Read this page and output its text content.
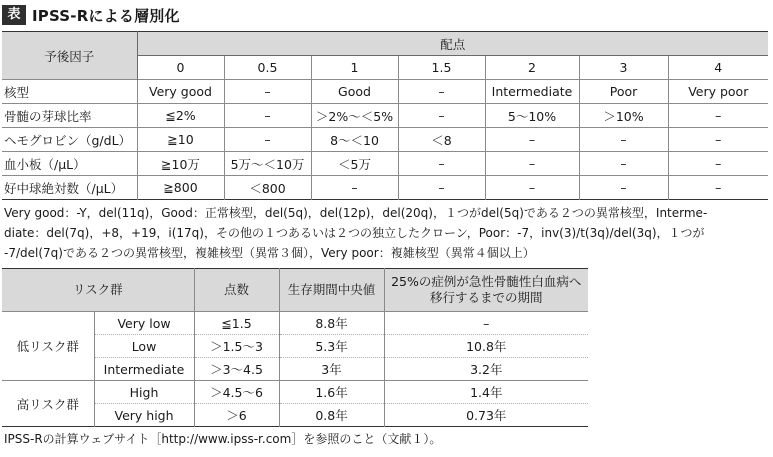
表 IPSS-Rによる層別化
予後因子	配点						
	0	0.5	1	1.5	2	3	4
核型	Very good	–	Good	–	Intermediate	Poor	Very poor
骨髄の芽球比率	≦2%	–	＞2%〜＜5%	–	5〜10%	＞10%	–
ヘモグロビン（g/dL）	≧10	–	8〜＜10	＜8	–	–	–
血小板（/μL）	≧10万	5万〜＜10万	＜5万	–	–	–	–
好中球絶対数（/μL）	≧800	＜800	–	–	–	–	–
Very good：-Y，del(11q)，Good：正常核型，del(5q)，del(12p)，del(20q)，１つがdel(5q)である２つの異常核型，Interme-
diate：del(7q)，+8，+19，i(17q)，その他の１つあるいは２つの独立したクローン，Poor：-7，inv(3)/t(3q)/del(3q)，１つが
-7/del(7q)である２つの異常核型，複雑核型（異常３個），Very poor：複雑核型（異常４個以上）
リスク群		点数	生存期間中央値	25%の症例が急性骨髄性白血病へ
移行するまでの期間

低リスク群	Very low	≦1.5	8.8年	–
	Low	＞1.5〜3	5.3年	10.8年
	Intermediate	＞3〜4.5	3年	3.2年
高リスク群	High	＞4.5〜6	1.6年	1.4年
	Very high	＞6	0.8年	0.73年
IPSS-Rの計算ウェブサイト［http://www.ipss-r.com］を参照のこと（文献１）。
